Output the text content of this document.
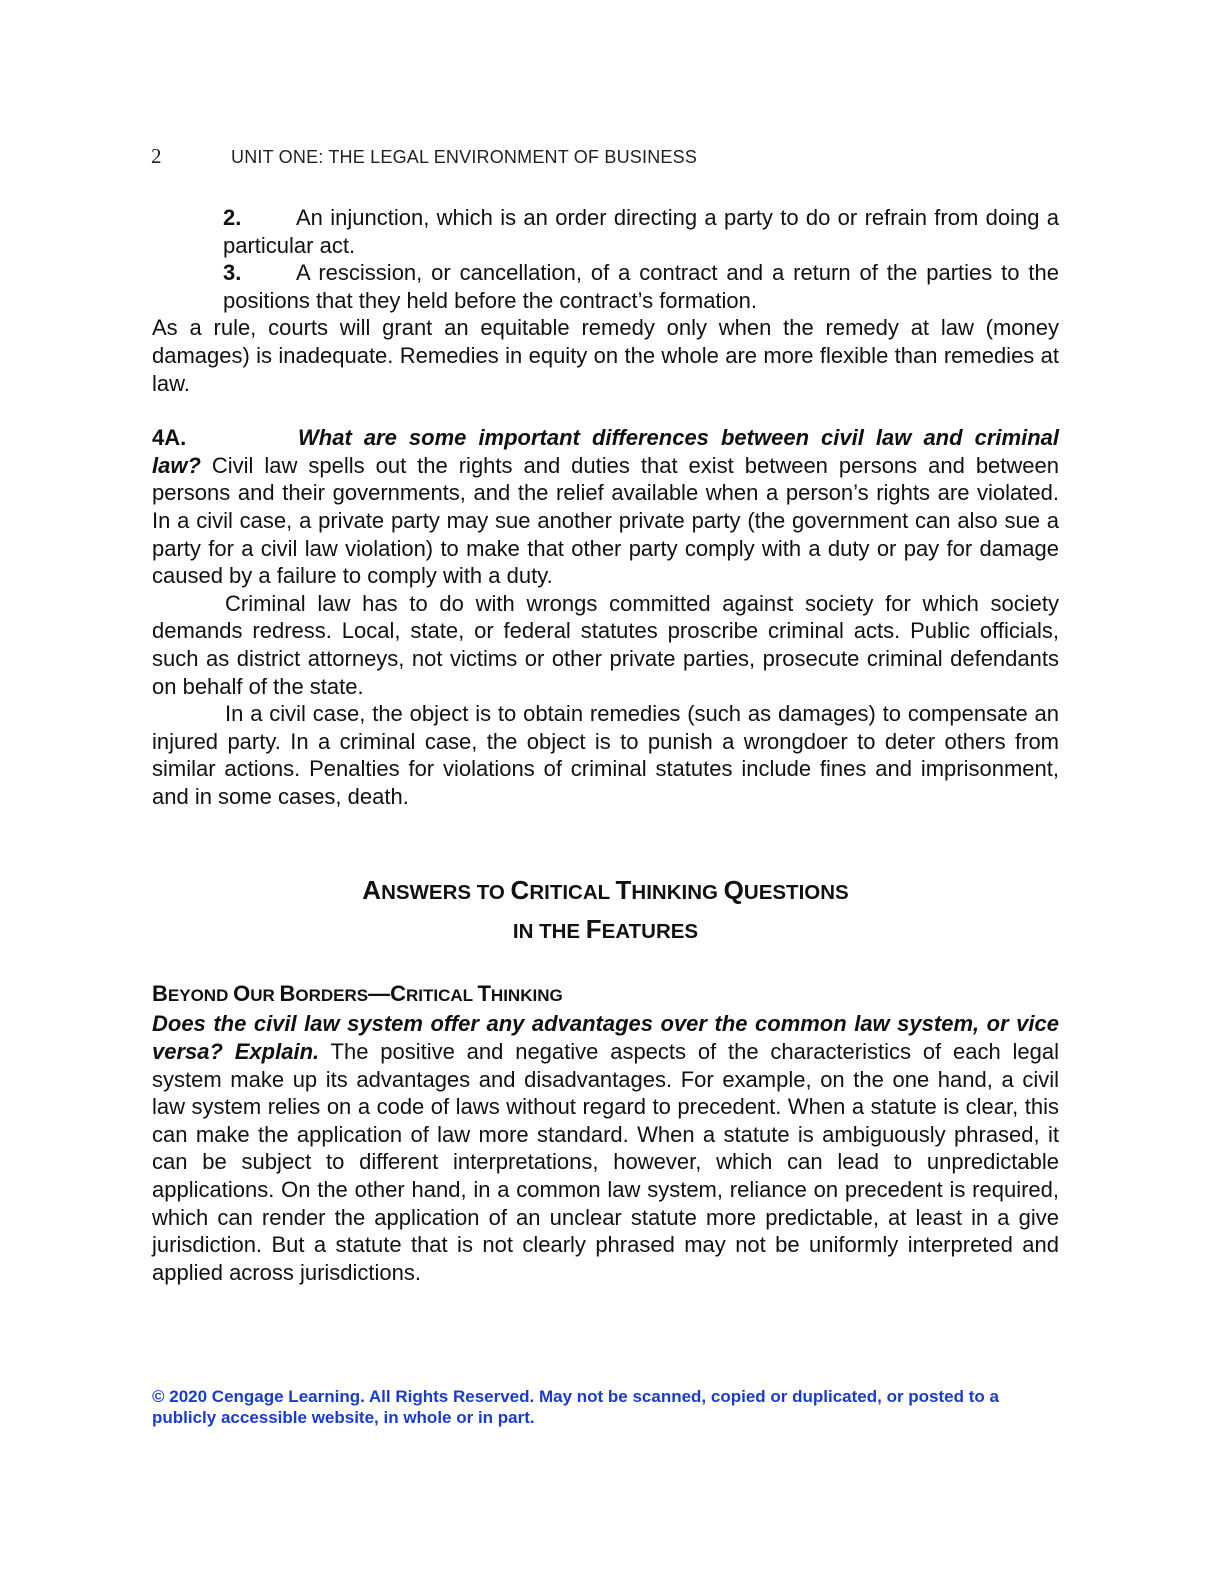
2	UNIT ONE: THE LEGAL ENVIRONMENT OF BUSINESS
2.	An injunction, which is an order directing a party to do or refrain from doing a particular act.

3.	A rescission, or cancellation, of a contract and a return of the parties to the positions that they held before the contract’s formation.

As a rule, courts will grant an equitable remedy only when the remedy at law (money damages) is inadequate. Remedies in equity on the whole are more flexible than remedies at law.

4A.	What are some important differences between civil law and criminal law? Civil law spells out the rights and duties that exist between persons and between persons and their governments, and the relief available when a person’s rights are violated. In a civil case, a private party may sue another private party (the government can also sue a party for a civil law violation) to make that other party comply with a duty or pay for damage caused by a failure to comply with a duty.

Criminal law has to do with wrongs committed against society for which society demands redress. Local, state, or federal statutes proscribe criminal acts. Public officials, such as district attorneys, not victims or other private parties, prosecute criminal defendants on behalf of the state.

In a civil case, the object is to obtain remedies (such as damages) to compensate an injured party. In a criminal case, the object is to punish a wrongdoer to deter others from similar actions. Penalties for violations of criminal statutes include fines and imprisonment, and in some cases, death.

ANSWERS TO CRITICAL THINKING QUESTIONS
IN THE FEATURES
BEYOND OUR BORDERS—CRITICAL THINKING

Does the civil law system offer any advantages over the common law system, or vice versa? Explain. The positive and negative aspects of the characteristics of each legal system make up its advantages and disadvantages. For example, on the one hand, a civil law system relies on a code of laws without regard to precedent. When a statute is clear, this can make the application of law more standard. When a statute is ambiguously phrased, it can be subject to different interpretations, however, which can lead to unpredictable applications. On the other hand, in a common law system, reliance on precedent is required, which can render the application of an unclear statute more predictable, at least in a give jurisdiction. But a statute that is not clearly phrased may not be uniformly interpreted and applied across jurisdictions.

© 2020 Cengage Learning. All Rights Reserved. May not be scanned, copied or duplicated, or posted to a publicly accessible website, in whole or in part.
